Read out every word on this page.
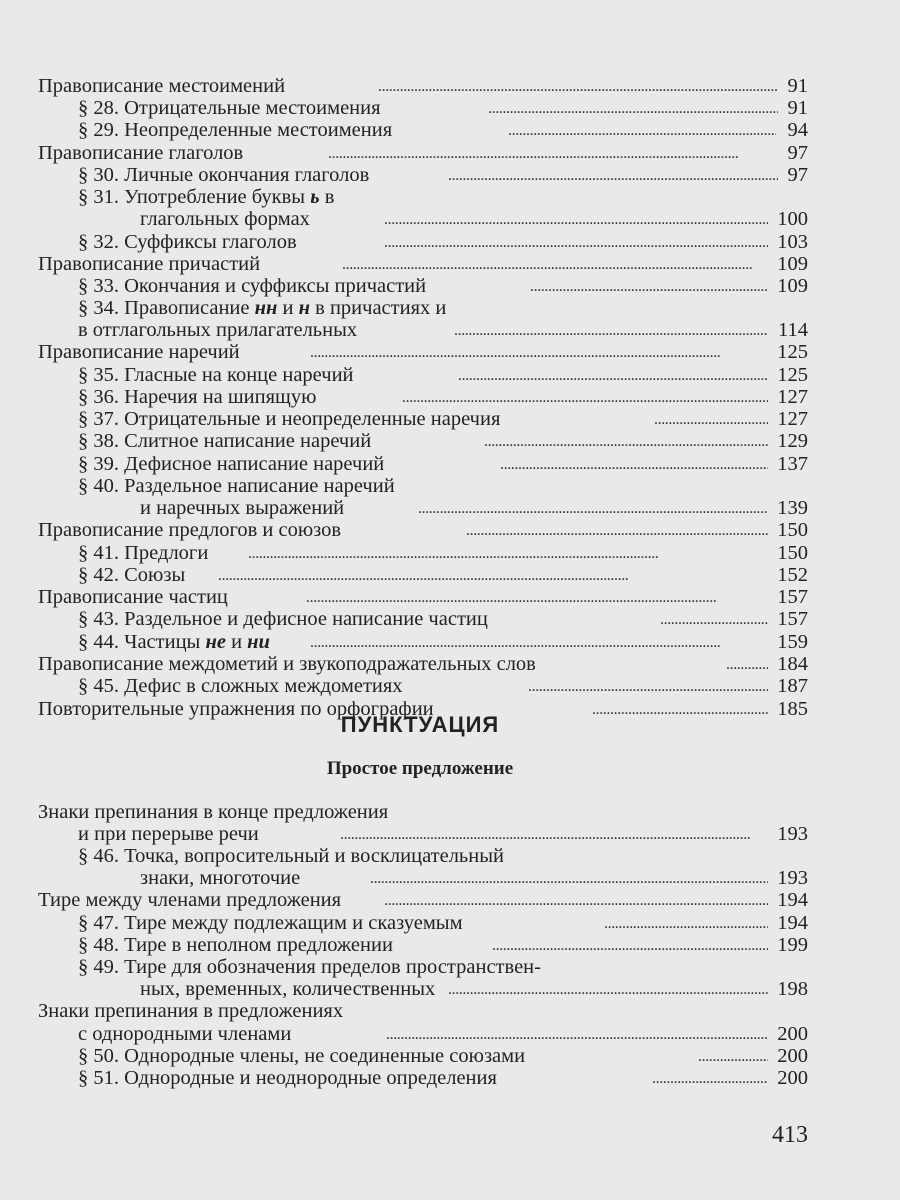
Правописание местоимений . . .	91
§ 28. Отрицательные местоимения . . .	91
§ 29. Неопределенные местоимения . . .	94
Правописание глаголов . . .	97
§ 30. Личные окончания глаголов . . .	97
§ 31. Употребление буквы ь в
глагольных формах . . .	100
§ 32. Суффиксы глаголов . . .	103
Правописание причастий . . .	109
§ 33. Окончания и суффиксы причастий . . .	109
§ 34. Правописание нн и н в причастиях и
в отглагольных прилагательных . . .	114
Правописание наречий . . .	125
§ 35. Гласные на конце наречий . . .	125
§ 36. Наречия на шипящую . . .	127
§ 37. Отрицательные и неопределенные наречия . . .	127
§ 38. Слитное написание наречий . . .	129
§ 39. Дефисное написание наречий . . .	137
§ 40. Раздельное написание наречий
и наречных выражений . . .	139
Правописание предлогов и союзов . . .	150
§ 41. Предлоги . . .	150
§ 42. Союзы . . .	152
Правописание частиц . . .	157
§ 43. Раздельное и дефисное написание частиц . . .	157
§ 44. Частицы не и ни . . .	159
Правописание междометий и звукоподражательных слов . . .	184
§ 45. Дефис в сложных междометиях . . .	187
Повторительные упражнения по орфографии . . .	185
ПУНКТУАЦИЯ
Простое предложение
Знаки препинания в конце предложения
и при перерыве речи . . .	193
§ 46. Точка, вопросительный и восклицательный
знаки, многоточие . . .	193
Тире между членами предложения . . .	194
§ 47. Тире между подлежащим и сказуемым . . .	194
§ 48. Тире в неполном предложении . . .	199
§ 49. Тире для обозначения пределов пространствен-
ных, временных, количественных . . .	198
Знаки препинания в предложениях
с однородными членами . . .	200
§ 50. Однородные члены, не соединенные союзами . . .	200
§ 51. Однородные и неоднородные определения . . .	200
413
